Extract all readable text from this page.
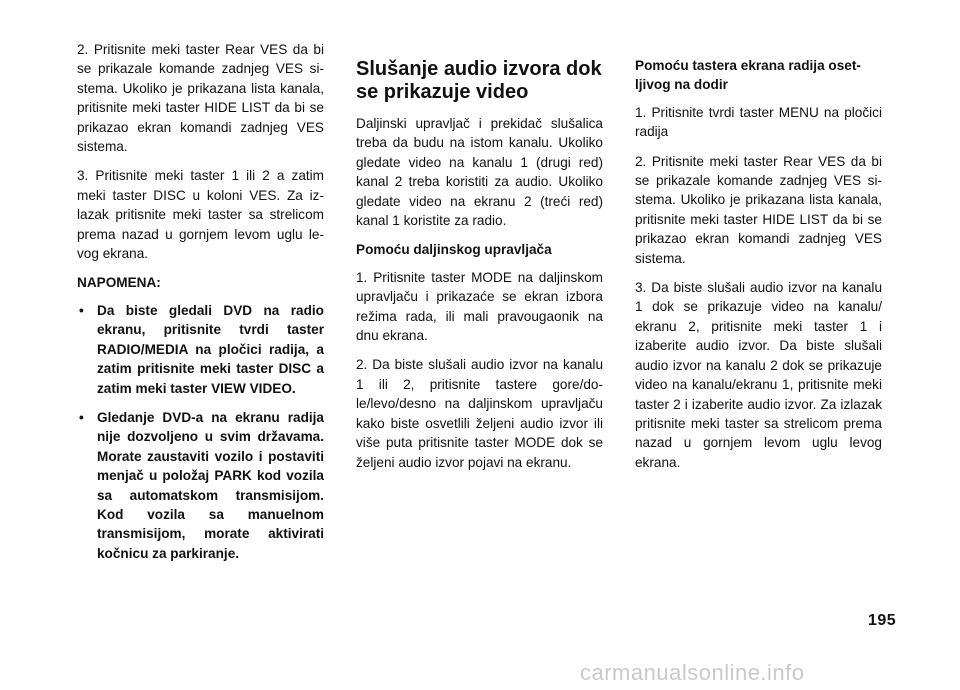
2. Pritisnite meki taster Rear VES da bi se prikazale komande zadnjeg VES sistema. Ukoliko je prikazana lista kanala, pritisnite meki taster HIDE LIST da bi se prikazao ekran komandi zadnjeg VES sistema.

3. Pritisnite meki taster 1 ili 2 a zatim meki taster DISC u koloni VES. Za izlazak pritisnite meki taster sa strelicom prema nazad u gornjem levom uglu levog ekrana.

NAPOMENA:
• Da biste gledali DVD na radio ekranu, pritisnite tvrdi taster RADIO/MEDIA na pločici radija, a zatim pritisnite meki taster DISC a zatim meki taster VIEW VIDEO.
• Gledanje DVD-a na ekranu radija nije dozvoljeno u svim državama. Morate zaustaviti vozilo i postaviti menjač u položaj PARK kod vozila sa automatskom transmisijom. Kod vozila sa manuelnom transmisijom, morate aktivirati kočnicu za parkiranje.
Slušanje audio izvora dok se prikazuje video

Daljinski upravljač i prekidač slušalica treba da budu na istom kanalu. Ukoliko gledate video na kanalu 1 (drugi red) kanal 2 treba koristiti za audio. Ukoliko gledate video na ekranu 2 (treći red) kanal 1 koristite za radio.

Pomoću daljinskog upravljača

1. Pritisnite taster MODE na daljinskom upravljaču i prikazaće se ekran izbora režima rada, ili mali pravougaonik na dnu ekrana.

2. Da biste slušali audio izvor na kanalu 1 ili 2, pritisnite tastere gore/dole/levo/desno na daljinskom upravljaču kako biste osvetlili željeni audio izvor ili više puta pritisnite taster MODE dok se željeni audio izvor pojavi na ekranu.

Pomoću tastera ekrana radija osetljivog na dodir

1. Pritisnite tvrdi taster MENU na pločici radija

2. Pritisnite meki taster Rear VES da bi se prikazale komande zadnjeg VES sistema. Ukoliko je prikazana lista kanala, pritisnite meki taster HIDE LIST da bi se prikazao ekran komandi zadnjeg VES sistema.

3. Da biste slušali audio izvor na kanalu 1 dok se prikazuje video na kanalu/ ekranu 2, pritisnite meki taster 1 i izaberite audio izvor. Da biste slušali audio izvor na kanalu 2 dok se prikazuje video na kanalu/ekranu 1, pritisnite meki taster 2 i izaberite audio izvor. Za izlazak pritisnite meki taster sa strelicom prema nazad u gornjem levom uglu levog ekrana.

195
carmanualsonline.info
